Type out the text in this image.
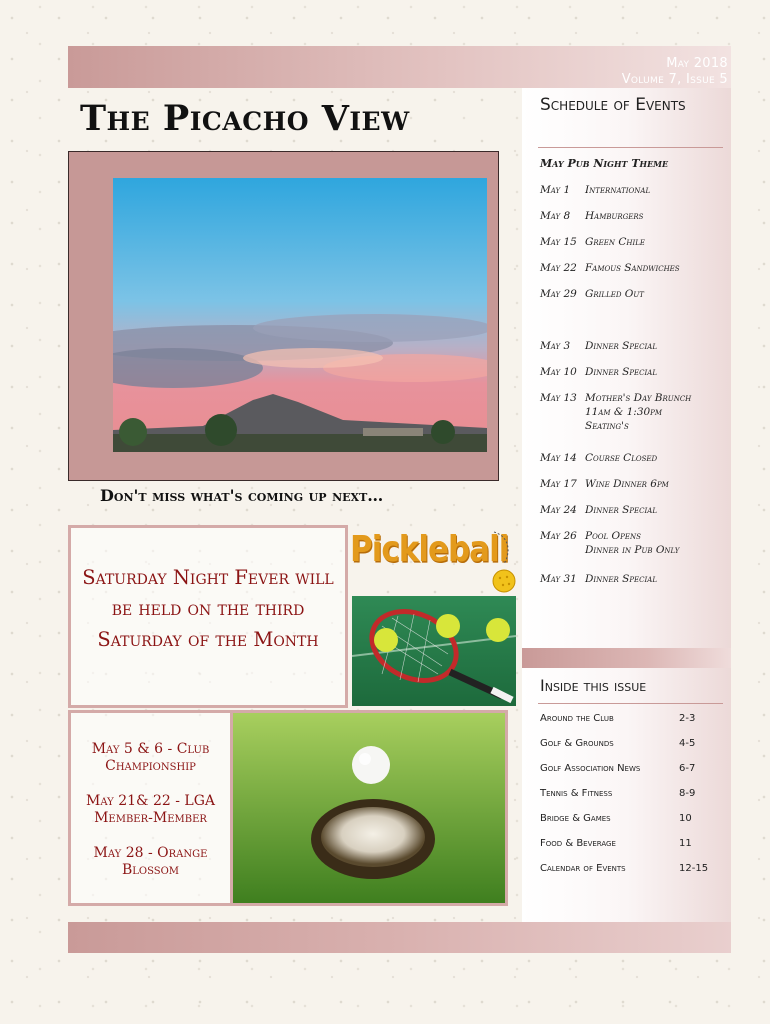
May 2018
Volume 7, Issue 5
The Picacho View	Schedule of Events
May Pub Night Theme
May 1	International
May 8	Hamburgers
May 15 Green Chile
May 22 Famous Sandwiches
May 29 Grilled Out
May 3	Dinner Special
May 10 Dinner Special
May 13 Mother's Day Brunch
11am & 1:30pm
Seating's
May 14 Course Closed
May 17 Wine Dinner 6pm
May 24 Dinner Special
May 26 Pool Opens
Dinner in Pub Only
May 31 Dinner Special
Inside this issue
Around the Club	2-3
Golf & Grounds	4-5
Golf Association News	6-7
Tennis & Fitness	8-9
Bridge & Games	10
Food & Beverage	11
Calendar of Events	12-15
Don't miss what's coming up next…
Saturday Night Fever will be held on the third Saturday of the Month
Pickleball
May 5 & 6 - Club Championship
May 21& 22 - LGA Member-Member
May 28 - Orange Blossom
